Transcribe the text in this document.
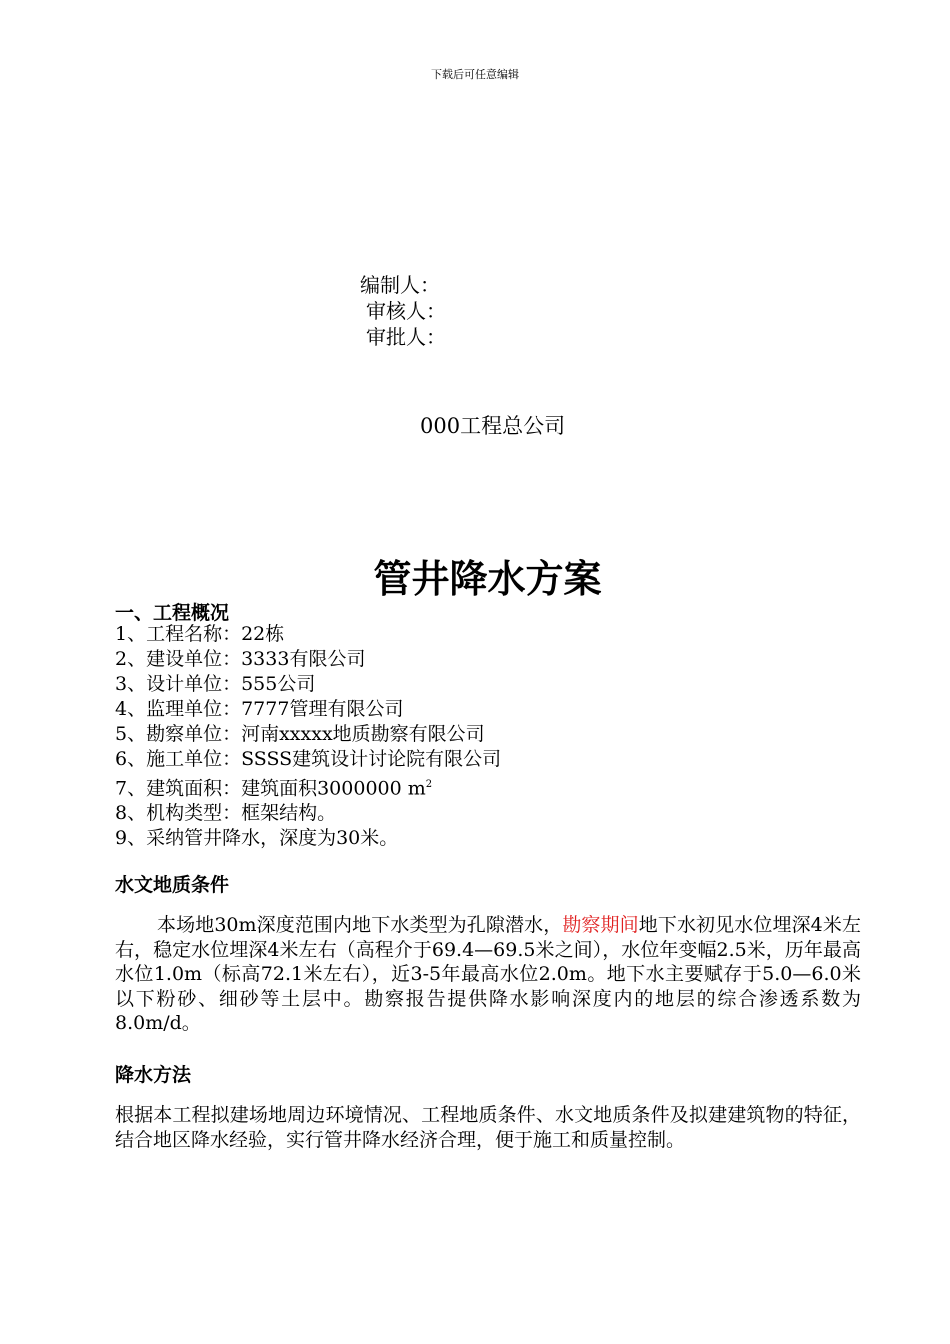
下载后可任意编辑
编制人：
审核人：
审批人：
000工程总公司
管井降水方案
一、工程概况
1、工程名称：22栋
2、建设单位：3333有限公司
3、设计单位：555公司
4、监理单位：7777管理有限公司
5、勘察单位：河南xxxxx地质勘察有限公司
6、施工单位：SSSS建筑设计讨论院有限公司
7、建筑面积：建筑面积3000000 $m^2$
8、机构类型：框架结构。
9、采纳管井降水，深度为30米。
水文地质条件
本场地30m深度范围内地下水类型为孔隙潜水，勘察期间地下水初见水位埋深4米左右，稳定水位埋深4米左右（高程介于69.4—69.5米之间），水位年变幅2.5米，历年最高水位1.0m（标高72.1米左右），近3-5年最高水位2.0m。地下水主要赋存于5.0—6.0米以下粉砂、细砂等土层中。勘察报告提供降水影响深度内的地层的综合渗透系数为8.0m/d。
降水方法
根据本工程拟建场地周边环境情况、工程地质条件、水文地质条件及拟建建筑物的特征，结合地区降水经验，实行管井降水经济合理，便于施工和质量控制。
